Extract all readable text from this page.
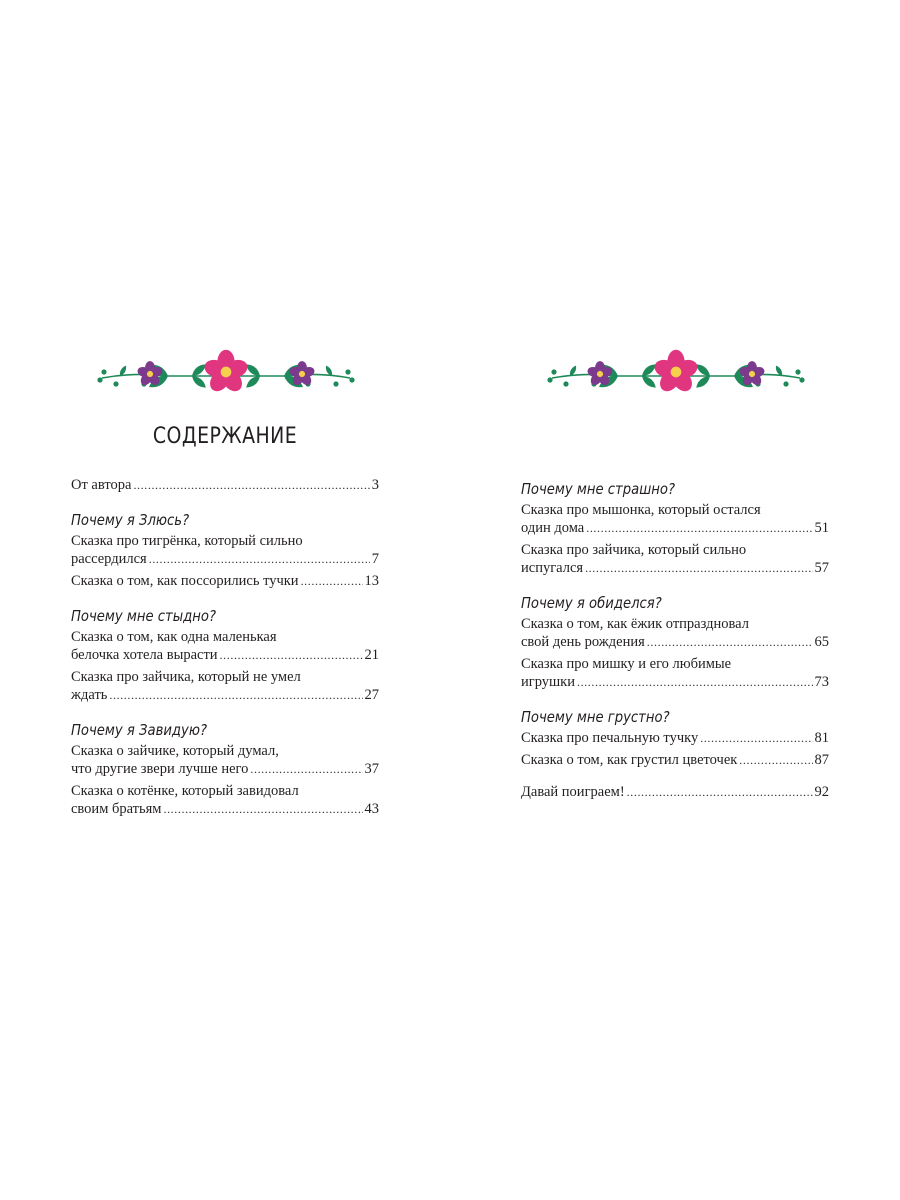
СОДЕРЖАНИЕ
От автора . . .	3
Почему я Злюсь?
Сказка про тигрёнка, который сильно
рассердился . . .	7
Сказка о том, как поссорились тучки . . .	13
Почему мне стыдно?
Сказка о том, как одна маленькая
белочка хотела вырасти . . .	21
Сказка про зайчика, который не умел
ждать . . .	27
Почему я Завидую?
Сказка о зайчике, который думал,
что другие звери лучше него . . .	37
Сказка о котёнке, который завидовал
своим братьям . . .	43
Почему мне страшно?
Сказка про мышонка, который остался
один дома . . .	51
Сказка про зайчика, который сильно
испугался . . .	57
Почему я обиделся?
Сказка о том, как ёжик отпраздновал
свой день рождения . . .	65
Сказка про мишку и его любимые
игрушки . . .	73
Почему мне грустно?
Сказка про печальную тучку . . .	81
Сказка о том, как грустил цветочек . . .	87
Давай поиграем! . . .	92
